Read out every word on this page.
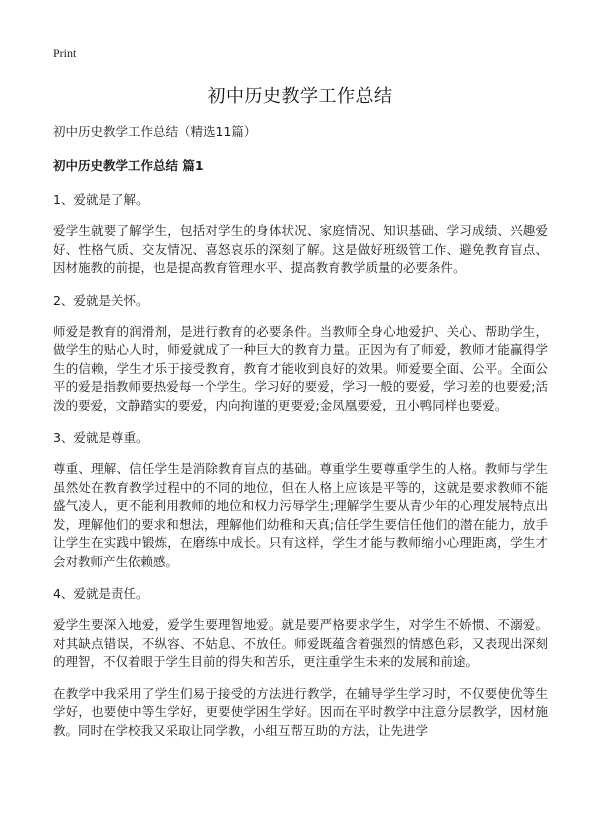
Print
初中历史教学工作总结
初中历史教学工作总结（精选11篇）
初中历史教学工作总结 篇1
1、爱就是了解。
爱学生就要了解学生，包括对学生的身体状况、家庭情况、知识基础、学习成绩、兴趣爱好、性格气质、交友情况、喜怒哀乐的深刻了解。这是做好班级管工作、避免教育盲点、因材施教的前提，也是提高教育管理水平、提高教育教学质量的必要条件。
2、爱就是关怀。
师爱是教育的润滑剂，是进行教育的必要条件。当教师全身心地爱护、关心、帮助学生，做学生的贴心人时，师爱就成了一种巨大的教育力量。正因为有了师爱，教师才能赢得学生的信赖，学生才乐于接受教育，教育才能收到良好的效果。师爱要全面、公平。全面公平的爱是指教师要热爱每一个学生。学习好的要爱，学习一般的要爱，学习差的也要爱;活泼的要爱，文静踏实的要爱，内向拘谨的更要爱;金凤凰要爱，丑小鸭同样也要爱。
3、爱就是尊重。
尊重、理解、信任学生是消除教育盲点的基础。尊重学生要尊重学生的人格。教师与学生虽然处在教育教学过程中的不同的地位，但在人格上应该是平等的，这就是要求教师不能盛气凌人，更不能利用教师的地位和权力污辱学生;理解学生要从青少年的心理发展特点出发，理解他们的要求和想法，理解他们幼稚和天真;信任学生要信任他们的潜在能力，放手让学生在实践中锻炼，在磨练中成长。只有这样，学生才能与教师缩小心理距离，学生才会对教师产生依赖感。
4、爱就是责任。
爱学生要深入地爱，爱学生要理智地爱。就是要严格要求学生，对学生不娇惯、不溺爱。对其缺点错误，不纵容、不姑息、不放任。师爱既蕴含着强烈的情感色彩，又表现出深刻的理智，不仅着眼于学生目前的得失和苦乐，更注重学生未来的发展和前途。
在教学中我采用了学生们易于接受的方法进行教学，在辅导学生学习时，不仅要使优等生学好，也要使中等生学好，更要使学困生学好。因而在平时教学中注意分层教学，因材施教。同时在学校我又采取让同学教，小组互帮互助的方法，让先进学
